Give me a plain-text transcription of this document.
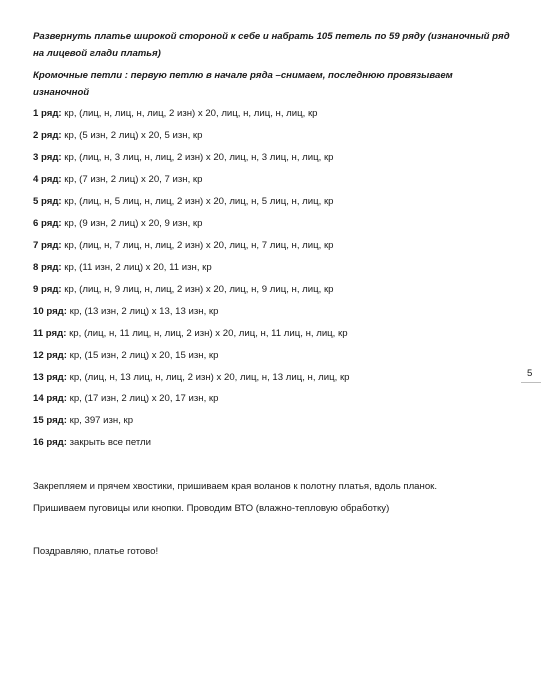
Развернуть платье широкой стороной к себе и набрать 105 петель по 59 ряду (изнаночный ряд

на лицевой глади платья)

Кромочные петли : первую петлю в начале ряда –снимаем, последнюю провязываем

изнаночной

1 ряд: кр, (лиц, н, лиц, н, лиц, 2 изн) х 20, лиц, н, лиц, н, лиц, кр
2 ряд: кр, (5 изн, 2 лиц) х 20, 5 изн, кр
3 ряд: кр, (лиц, н, 3 лиц, н, лиц, 2 изн) х 20, лиц, н, 3 лиц, н, лиц, кр
4 ряд: кр, (7 изн, 2 лиц) х 20, 7 изн, кр
5 ряд: кр, (лиц, н, 5 лиц, н, лиц, 2 изн) х 20, лиц, н, 5 лиц, н, лиц, кр
6 ряд: кр, (9 изн, 2 лиц) х 20, 9 изн, кр
7 ряд: кр, (лиц, н, 7 лиц, н, лиц, 2 изн) х 20, лиц, н, 7 лиц, н, лиц, кр
8 ряд: кр, (11 изн, 2 лиц) х 20, 11 изн, кр
9 ряд: кр, (лиц, н, 9 лиц, н, лиц, 2 изн) х 20, лиц, н, 9 лиц, н, лиц, кр
10 ряд: кр, (13 изн, 2 лиц) х 13, 13 изн, кр
11 ряд: кр, (лиц, н, 11 лиц, н, лиц, 2 изн) х 20, лиц, н, 11 лиц, н, лиц, кр
12 ряд: кр, (15 изн, 2 лиц) х 20, 15 изн, кр
13 ряд: кр, (лиц, н, 13 лиц, н, лиц, 2 изн) х 20, лиц, н, 13 лиц, н, лиц, кр
14 ряд: кр, (17 изн, 2 лиц) х 20, 17 изн, кр
15 ряд: кр, 397 изн, кр
16 ряд: закрыть все петли
Закрепляем и прячем хвостики, пришиваем края воланов к полотну платья, вдоль планок.
Пришиваем пуговицы или кнопки. Проводим ВТО (влажно-тепловую обработку)
Поздравляю, платье готово!
5
